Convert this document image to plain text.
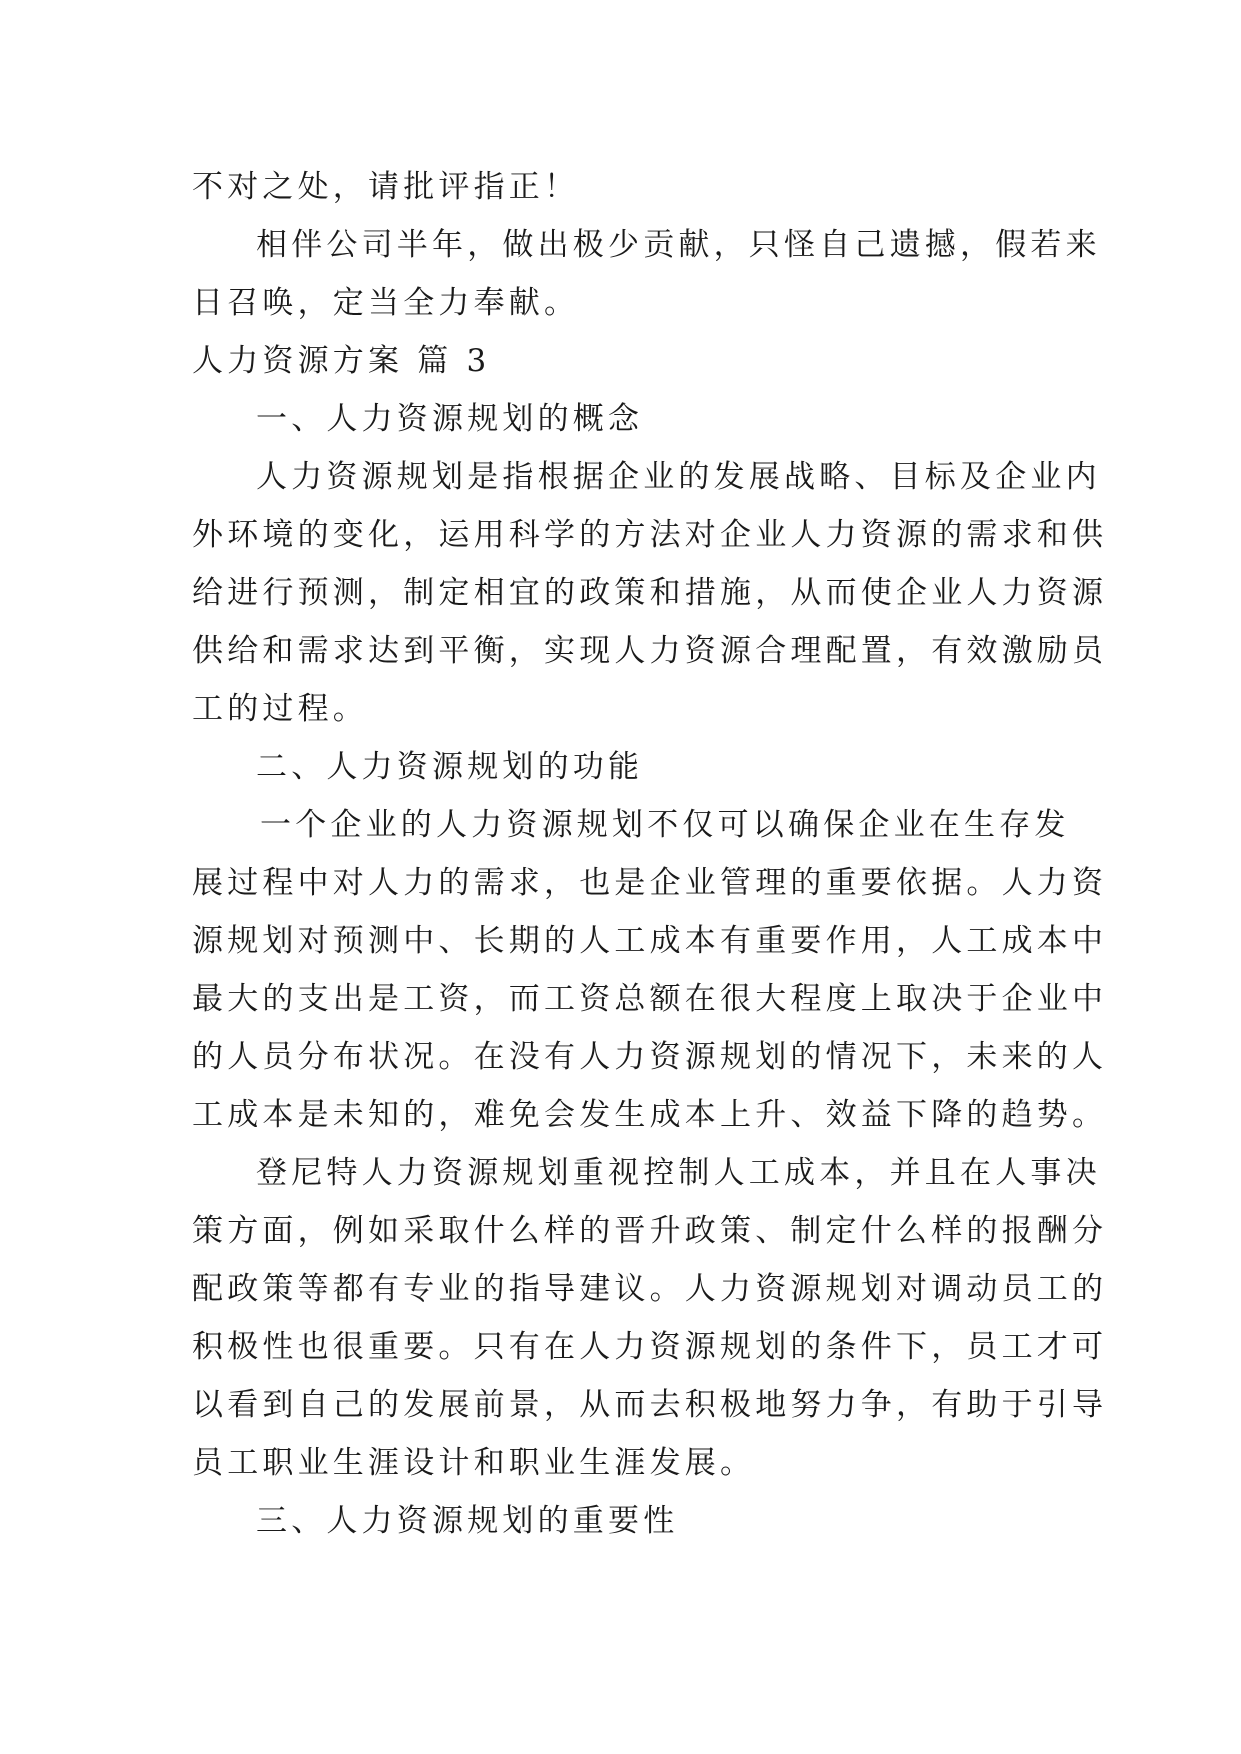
不对之处，请批评指正！
相伴公司半年，做出极少贡献，只怪自己遗撼，假若来
日召唤，定当全力奉献。
人力资源方案 篇 3
一、人力资源规划的概念
人力资源规划是指根据企业的发展战略、目标及企业内
外环境的变化，运用科学的方法对企业人力资源的需求和供
给进行预测，制定相宜的政策和措施，从而使企业人力资源
供给和需求达到平衡，实现人力资源合理配置，有效激励员
工的过程。
二、人力资源规划的功能
一个企业的人力资源规划不仅可以确保企业在生存发
展过程中对人力的需求，也是企业管理的重要依据。人力资
源规划对预测中、长期的人工成本有重要作用，人工成本中
最大的支出是工资，而工资总额在很大程度上取决于企业中
的人员分布状况。在没有人力资源规划的情况下，未来的人
工成本是未知的，难免会发生成本上升、效益下降的趋势。
登尼特人力资源规划重视控制人工成本，并且在人事决
策方面，例如采取什么样的晋升政策、制定什么样的报酬分
配政策等都有专业的指导建议。人力资源规划对调动员工的
积极性也很重要。只有在人力资源规划的条件下，员工才可
以看到自己的发展前景，从而去积极地努力争，有助于引导
员工职业生涯设计和职业生涯发展。
三、人力资源规划的重要性
